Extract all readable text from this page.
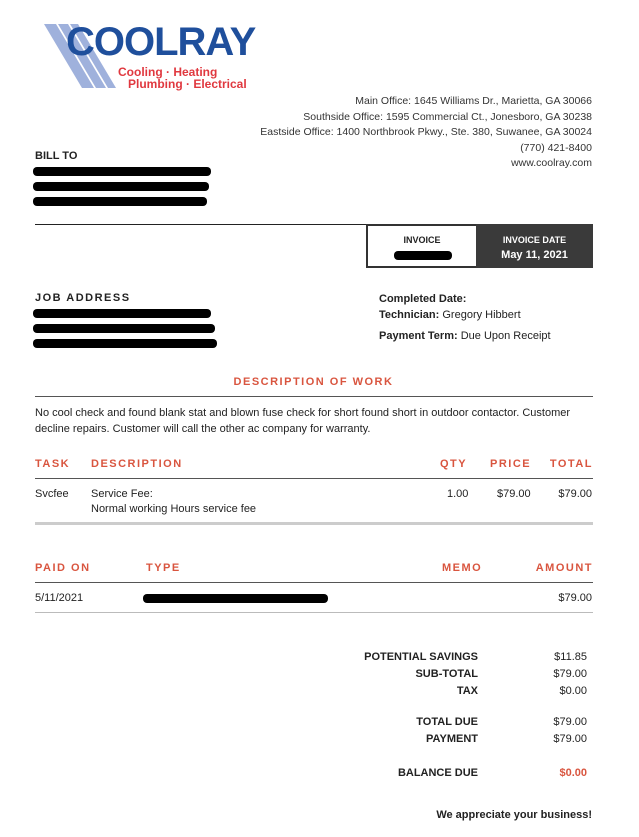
COOLRAY
Cooling · Heating
Plumbing · Electrical
Main Office: 1645 Williams Dr., Marietta, GA 30066
Southside Office: 1595 Commercial Ct., Jonesboro, GA 30238
Eastside Office: 1400 Northbrook Pkwy., Ste. 380, Suwanee, GA 30024
(770) 421-8400
www.coolray.com
BILL TO
INVOICE	INVOICE DATE
May 11, 2021
JOB ADDRESS	Completed Date:
Technician: Gregory Hibbert
Payment Term: Due Upon Receipt
DESCRIPTION OF WORK
No cool check and found blank stat and blown fuse check for short found short in outdoor contactor. Customer decline repairs. Customer will call the other ac company for warranty.
TASK DESCRIPTION	QTY PRICE TOTAL
Svcfee Service Fee:
Normal working Hours service fee
1.00	$79.00	$79.00
PAID ON	TYPE	MEMO	AMOUNT
5/11/2021	$79.00
POTENTIAL SAVINGS	$11.85
SUB-TOTAL	$79.00
TAX	$0.00
TOTAL DUE	$79.00
PAYMENT	$79.00
BALANCE DUE	$0.00
We appreciate your business!
